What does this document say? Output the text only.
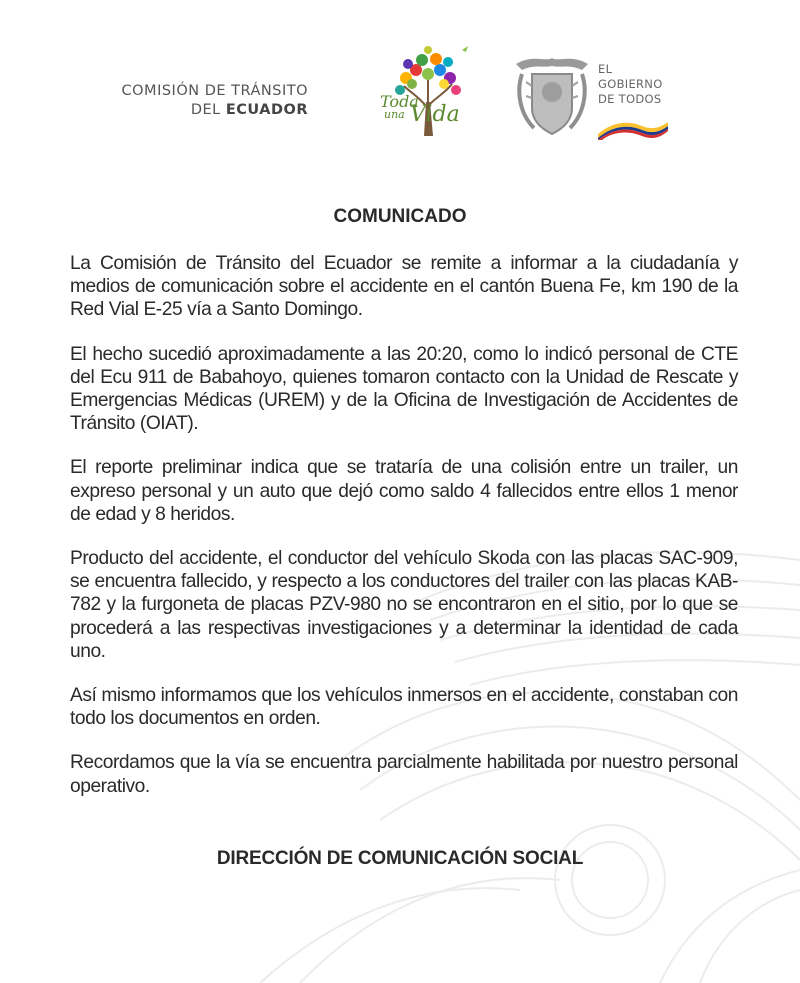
COMISIÓN DE TRÁNSITO
DEL ECUADOR	Toda
una Vida
EL
GOBIERNO
DE TODOS
COMUNICADO

La Comisión de Tránsito del Ecuador se remite a informar a la ciudadanía y medios de comunicación sobre el accidente en el cantón Buena Fe, km 190 de la Red Vial E-25 vía a Santo Domingo.

El hecho sucedió aproximadamente a las 20:20, como lo indicó personal de CTE del Ecu 911 de Babahoyo, quienes tomaron contacto con la Unidad de Rescate y Emergencias Médicas (UREM) y de la Oficina de Investigación de Accidentes de Tránsito (OIAT).

El reporte preliminar indica que se trataría de una colisión entre un trailer, un expreso personal y un auto que dejó como saldo 4 fallecidos entre ellos 1 menor de edad y 8 heridos.

Producto del accidente, el conductor del vehículo Skoda con las placas SAC-909, se encuentra fallecido, y respecto a los conductores del trailer con las placas KAB-782 y la furgoneta de placas PZV-980 no se encontraron en el sitio, por lo que se procederá a las respectivas investigaciones y a determinar la identidad de cada uno.

Así mismo informamos que los vehículos inmersos en el accidente, constaban con todo los documentos en orden.

Recordamos que la vía se encuentra parcialmente habilitada por nuestro personal operativo.

DIRECCIÓN DE COMUNICACIÓN SOCIAL
